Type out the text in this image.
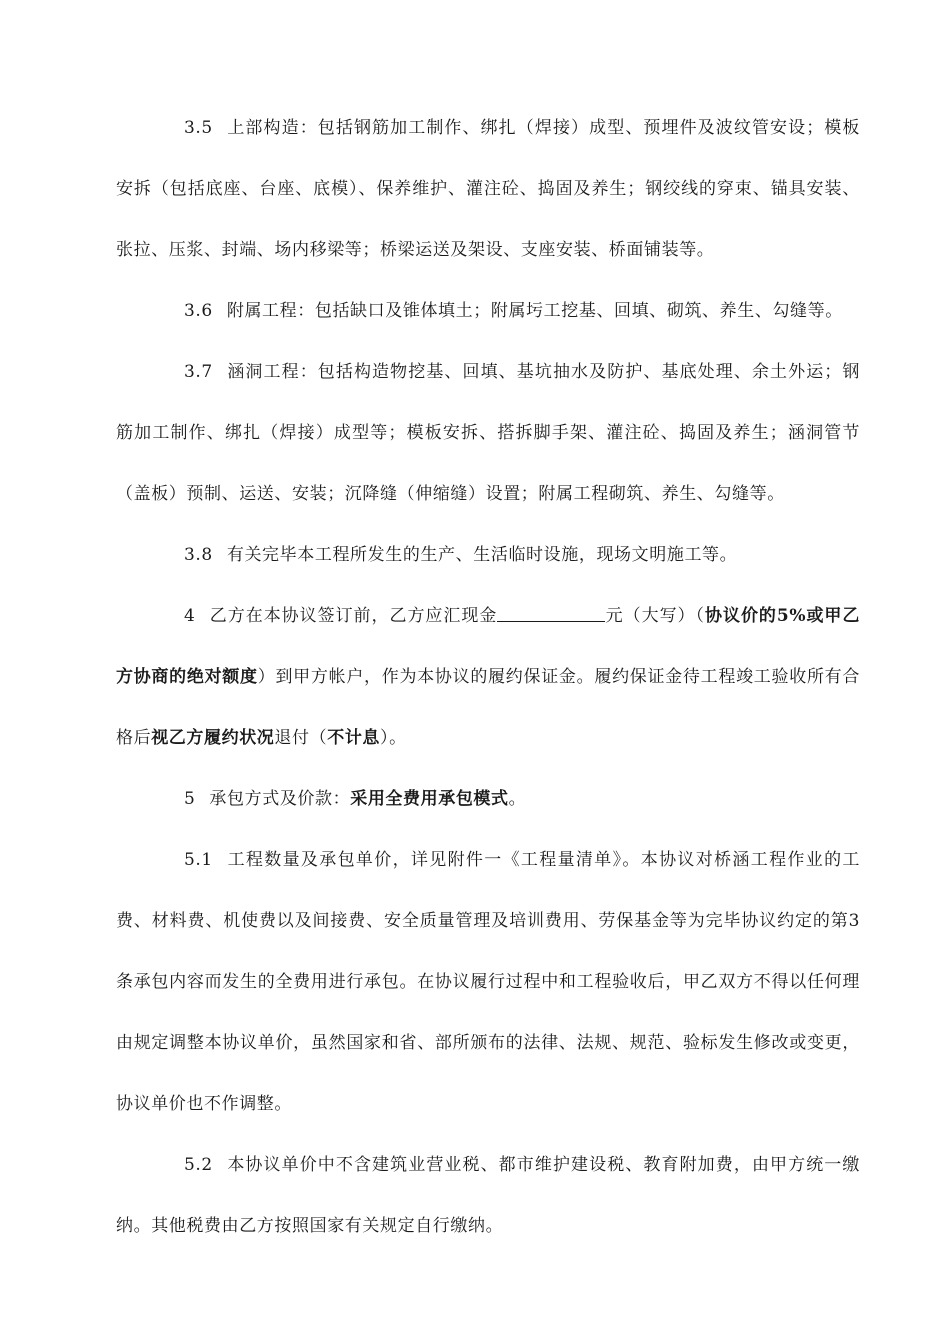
3.5 上部构造：包括钢筋加工制作、绑扎（焊接）成型、预埋件及波纹管安设；模板安拆（包括底座、台座、底模）、保养维护、灌注砼、捣固及养生；钢绞线的穿束、锚具安装、张拉、压浆、封端、场内移梁等；桥梁运送及架设、支座安装、桥面铺装等。

3.6 附属工程：包括缺口及锥体填土；附属圬工挖基、回填、砌筑、养生、勾缝等。

3.7 涵洞工程：包括构造物挖基、回填、基坑抽水及防护、基底处理、余土外运；钢筋加工制作、绑扎（焊接）成型等；模板安拆、搭拆脚手架、灌注砼、捣固及养生；涵洞管节（盖板）预制、运送、安装；沉降缝（伸缩缝）设置；附属工程砌筑、养生、勾缝等。

3.8 有关完毕本工程所发生的生产、生活临时设施，现场文明施工等。

4 乙方在本协议签订前，乙方应汇现金	元（大写）（协议价的5%或甲乙方协商的绝对额度）到甲方帐户，作为本协议的履约保证金。履约保证金待工程竣工验收所有合格后视乙方履约状况退付（不计息）。

5 承包方式及价款：采用全费用承包模式。

5.1 工程数量及承包单价，详见附件一《工程量清单》。本协议对桥涵工程作业的工费、材料费、机使费以及间接费、安全质量管理及培训费用、劳保基金等为完毕协议约定的第3条承包内容而发生的全费用进行承包。在协议履行过程中和工程验收后，甲乙双方不得以任何理由规定调整本协议单价，虽然国家和省、部所颁布的法律、法规、规范、验标发生修改或变更，协议单价也不作调整。

5.2 本协议单价中不含建筑业营业税、都市维护建设税、教育附加费，由甲方统一缴纳。其他税费由乙方按照国家有关规定自行缴纳。
